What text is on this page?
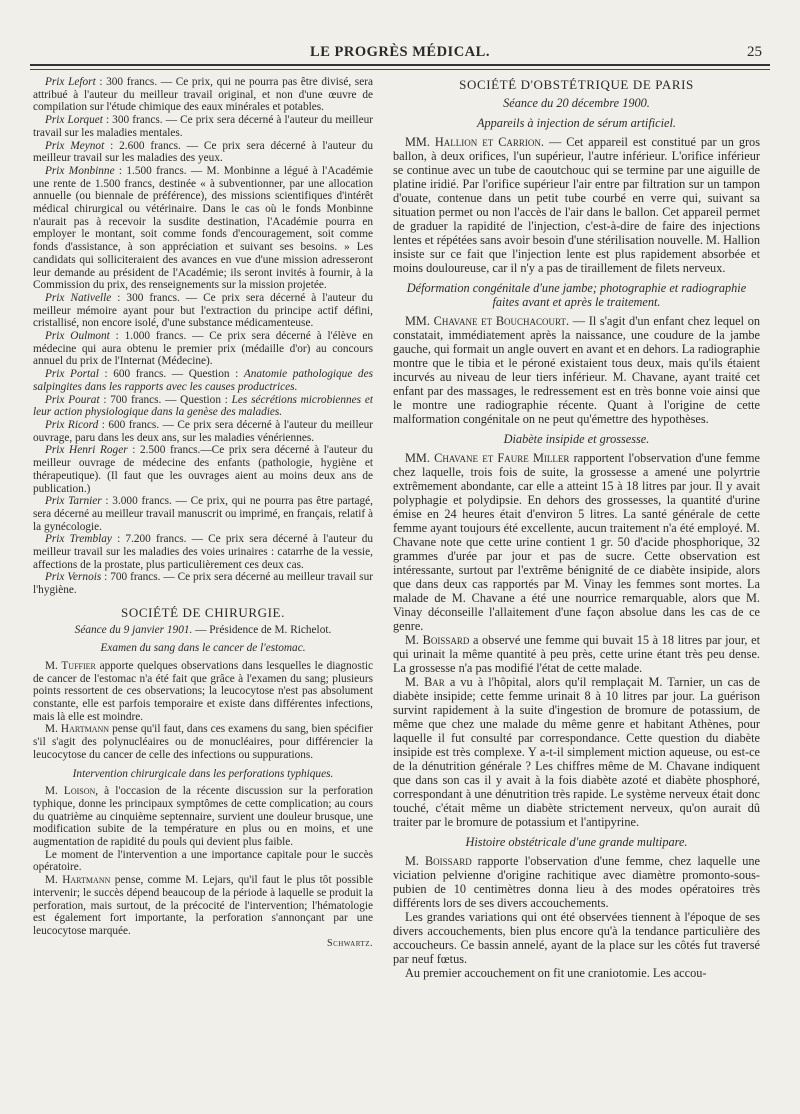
LE PROGRÈS MÉDICAL.	25

Prix Lefort : 300 francs. — Ce prix, qui ne pourra pas être divisé, sera attribué à l'auteur du meilleur travail original, et non d'une œuvre de compilation sur l'étude chimique des eaux minérales et potables.

Prix Lorquet : 300 francs. — Ce prix sera décerné à l'auteur du meilleur travail sur les maladies mentales.

Prix Meynot : 2.600 francs. — Ce prix sera décerné à l'auteur du meilleur travail sur les maladies des yeux.

Prix Monbinne : 1.500 francs. — M. Monbinne a légué à l'Académie une rente de 1.500 francs, destinée « à subventionner, par une allocation annuelle (ou biennale de préférence), des missions scientifiques d'intérêt médical chirurgical ou vétérinaire. Dans le cas où le fonds Monbinne n'aurait pas à recevoir la susdite destination, l'Académie pourra en employer le montant, soit comme fonds d'encouragement, soit comme fonds d'assistance, à son appréciation et suivant ses besoins. » Les candidats qui solliciteraient des avances en vue d'une mission adresseront leur demande au président de l'Académie; ils seront invités à fournir, à la Commission du prix, des renseignements sur la mission projetée.

Prix Nativelle : 300 francs. — Ce prix sera décerné à l'auteur du meilleur mémoire ayant pour but l'extraction du principe actif défini, cristallisé, non encore isolé, d'une substance médicamenteuse.

Prix Oulmont : 1.000 francs. — Ce prix sera décerné à l'élève en médecine qui aura obtenu le premier prix (médaille d'or) au concours annuel du prix de l'Internat (Médecine).

Prix Portal : 600 francs. — Question : Anatomie pathologique des salpingites dans les rapports avec les causes productrices.

Prix Pourat : 700 francs. — Question : Les sécrétions microbiennes et leur action physiologique dans la genèse des maladies.

Prix Ricord : 600 francs. — Ce prix sera décerné à l'auteur du meilleur ouvrage, paru dans les deux ans, sur les maladies vénériennes.

Prix Henri Roger : 2.500 francs.—Ce prix sera décerné à l'auteur du meilleur ouvrage de médecine des enfants (pathologie, hygiène et thérapeutique). (Il faut que les ouvrages aient au moins deux ans de publication.)

Prix Tarnier : 3.000 francs. — Ce prix, qui ne pourra pas être partagé, sera décerné au meilleur travail manuscrit ou imprimé, en français, relatif à la gynécologie.

Prix Tremblay : 7.200 francs. — Ce prix sera décerné à l'auteur du meilleur travail sur les maladies des voies urinaires : catarrhe de la vessie, affections de la prostate, plus particulièrement ces deux cas.

Prix Vernois : 700 francs. — Ce prix sera décerné au meilleur travail sur l'hygiène.

SOCIÉTÉ DE CHIRURGIE.

Séance du 9 janvier 1901. — Présidence de M. Richelot.

Examen du sang dans le cancer de l'estomac.

M. Tuffier apporte quelques observations dans lesquelles le diagnostic de cancer de l'estomac n'a été fait que grâce à l'examen du sang; plusieurs points ressortent de ces observations; la leucocytose n'est pas absolument constante, elle est parfois temporaire et existe dans différentes infections, mais là elle est moindre.

M. Hartmann pense qu'il faut, dans ces examens du sang, bien spécifier s'il s'agit des polynucléaires ou de monucléaires, pour différencier la leucocytose du cancer de celle des infections ou suppurations.

Intervention chirurgicale dans les perforations typhiques.

M. Loison, à l'occasion de la récente discussion sur la perforation typhique, donne les principaux symptômes de cette complication; au cours du quatrième au cinquième septennaire, survient une douleur brusque, une modification subite de la température en plus ou en moins, et une augmentation de rapidité du pouls qui devient plus faible.

Le moment de l'intervention a une importance capitale pour le succès opératoire.

M. Hartmann pense, comme M. Lejars, qu'il faut le plus tôt possible intervenir; le succès dépend beaucoup de la période à laquelle se produit la perforation, mais surtout, de la précocité de l'intervention; l'hématologie est également fort importante, la perforation s'annonçant par une leucocytose marquée.

Schwartz.

SOCIÉTÉ D'OBSTÉTRIQUE DE PARIS

Séance du 20 décembre 1900.

Appareils à injection de sérum artificiel.

MM. Hallion et Carrion. — Cet appareil est constitué par un gros ballon, à deux orifices, l'un supérieur, l'autre inférieur. L'orifice inférieur se continue avec un tube de caoutchouc qui se termine par une aiguille de platine iridié. Par l'orifice supérieur l'air entre par filtration sur un tampon d'ouate, contenue dans un petit tube courbé en verre qui, suivant sa situation permet ou non l'accès de l'air dans le ballon. Cet appareil permet de graduer la rapidité de l'injection, c'est-à-dire de faire des injections lentes et répétées sans avoir besoin d'une stérilisation nouvelle. M. Hallion insiste sur ce fait que l'injection lente est plus rapidement absorbée et moins douloureuse, car il n'y a pas de tiraillement de filets nerveux.

Déformation congénitale d'une jambe; photographie et radiographie faites avant et après le traitement.

MM. Chavane et Bouchacourt. — Il s'agit d'un enfant chez lequel on constatait, immédiatement après la naissance, une coudure de la jambe gauche, qui formait un angle ouvert en avant et en dehors. La radiographie montre que le tibia et le péroné existaient tous deux, mais qu'ils étaient incurvés au niveau de leur tiers inférieur. M. Chavane, ayant traité cet enfant par des massages, le redressement est en très bonne voie ainsi que le montre une radiographie récente. Quant à l'origine de cette malformation congénitale on ne peut qu'émettre des hypothèses.

Diabète insipide et grossesse.

MM. Chavane et Faure Miller rapportent l'observation d'une femme chez laquelle, trois fois de suite, la grossesse a amené une polyrtrie extrêmement abondante, car elle a atteint 15 à 18 litres par jour. Il y avait polyphagie et polydipsie. En dehors des grossesses, la quantité d'urine émise en 24 heures était d'environ 5 litres. La santé générale de cette femme ayant toujours été excellente, aucun traitement n'a été employé. M. Chavane note que cette urine contient 1 gr. 50 d'acide phosphorique, 32 grammes d'urée par jour et pas de sucre. Cette observation est intéressante, surtout par l'extrême bénignité de ce diabète insipide, alors que dans deux cas rapportés par M. Vinay les femmes sont mortes. La malade de M. Chavane a été une nourrice remarquable, alors que M. Vinay déconseille l'allaitement d'une façon absolue dans les cas de ce genre.

M. Boissard a observé une femme qui buvait 15 à 18 litres par jour, et qui urinait la même quantité à peu près, cette urine étant très peu dense. La grossesse n'a pas modifié l'état de cette malade.

M. Bar a vu à l'hôpital, alors qu'il remplaçait M. Tarnier, un cas de diabète insipide; cette femme urinait 8 à 10 litres par jour. La guérison survint rapidement à la suite d'ingestion de bromure de potassium, de même que chez une malade du même genre et habitant Athènes, pour laquelle il fut consulté par correspondance. Cette question du diabète insipide est très complexe. Y a-t-il simplement miction aqueuse, ou est-ce de la dénutrition générale ? Les chiffres même de M. Chavane indiquent que dans son cas il y avait à la fois diabète azoté et diabète phosphoré, correspondant à une dénutrition très rapide. Le système nerveux était donc touché, c'était même un diabète strictement nerveux, qu'on aurait dû traiter par le bromure de potassium et l'antipyrine.

Histoire obstétricale d'une grande multipare.

M. Boissard rapporte l'observation d'une femme, chez laquelle une viciation pelvienne d'origine rachitique avec diamètre promonto-sous-pubien de 10 centimètres donna lieu à des modes opératoires très différents lors de ses divers accouchements.

Les grandes variations qui ont été observées tiennent à l'époque de ses divers accouchements, bien plus encore qu'à la tendance particulière des accoucheurs. Ce bassin annelé, ayant de la place sur les côtés fut traversé par neuf fœtus.

Au premier accouchement on fit une craniotomie. Les accou-
